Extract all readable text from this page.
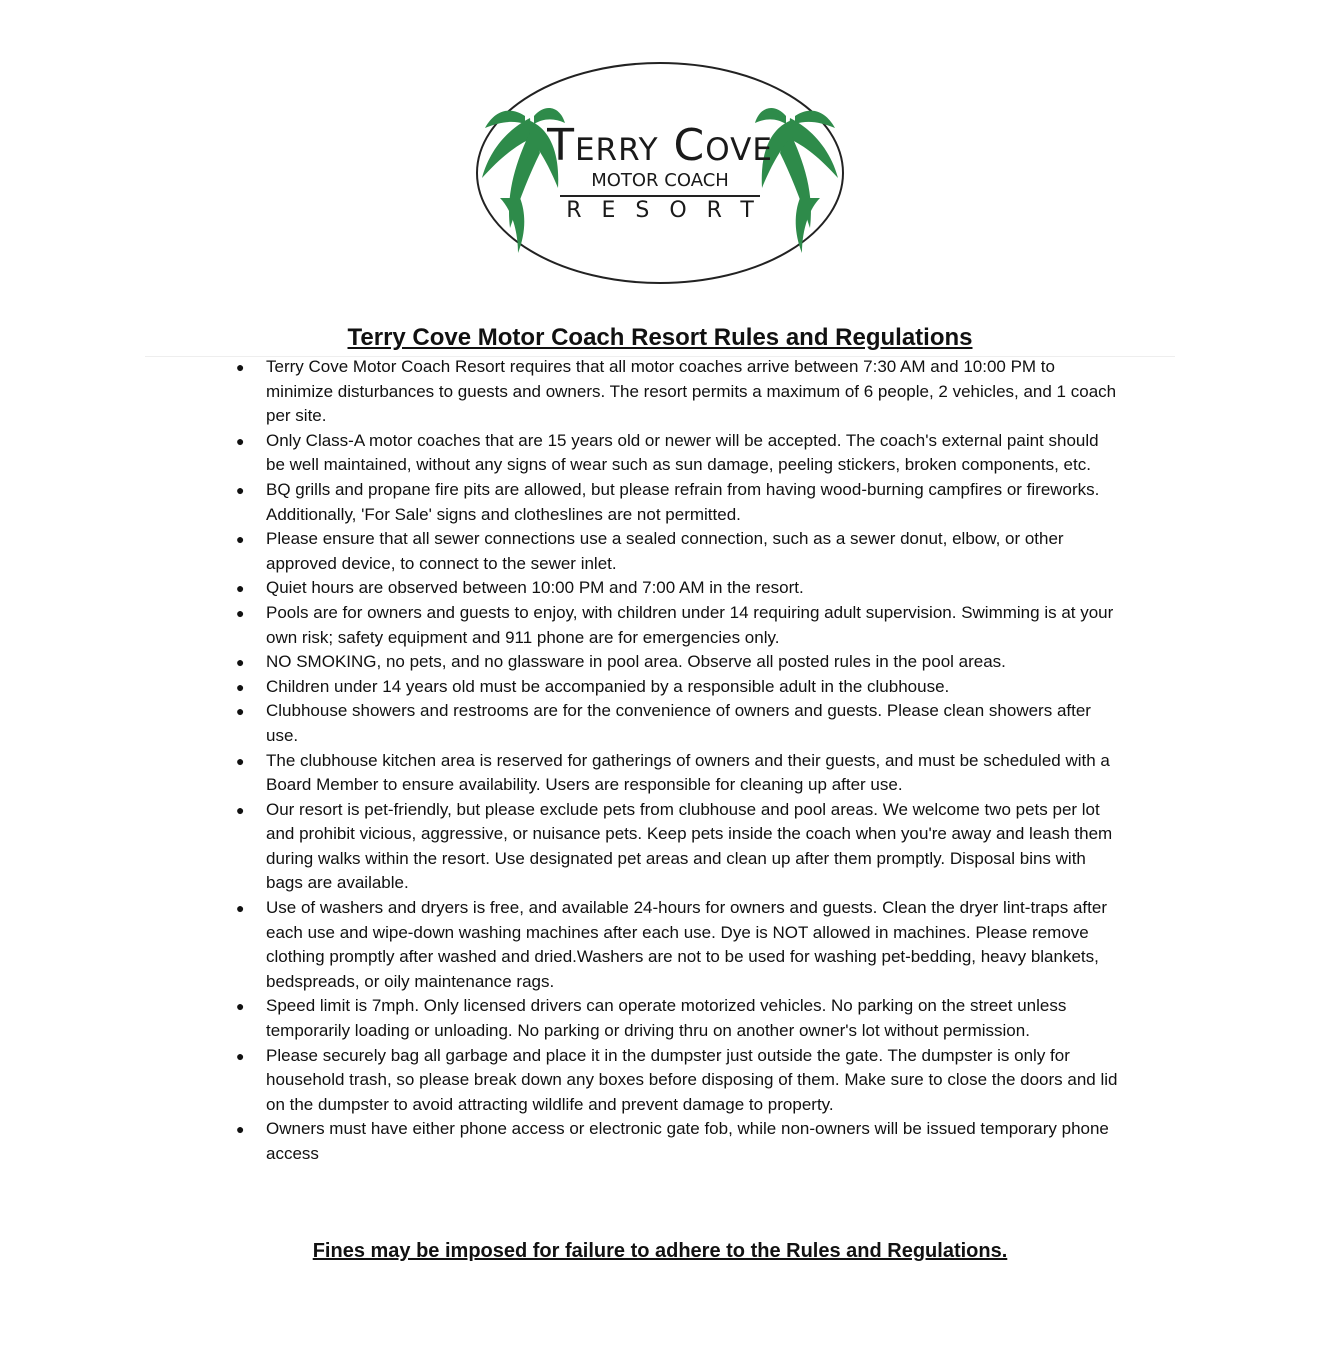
Terry Cove
MOTOR COACH
RESORT
Terry Cove Motor Coach Resort Rules and Regulations
● Terry Cove Motor Coach Resort requires that all motor coaches arrive between 7:30 AM and 10:00 PM to minimize disturbances to guests and owners. The resort permits a maximum of 6 people, 2 vehicles, and 1 coach per site.
● Only Class-A motor coaches that are 15 years old or newer will be accepted. The coach's external paint should be well maintained, without any signs of wear such as sun damage, peeling stickers, broken components, etc.
● BQ grills and propane fire pits are allowed, but please refrain from having wood-burning campfires or fireworks. Additionally, 'For Sale' signs and clotheslines are not permitted.
● Please ensure that all sewer connections use a sealed connection, such as a sewer donut, elbow, or other approved device, to connect to the sewer inlet.
● Quiet hours are observed between 10:00 PM and 7:00 AM in the resort.
● Pools are for owners and guests to enjoy, with children under 14 requiring adult supervision. Swimming is at your own risk; safety equipment and 911 phone are for emergencies only.
● NO SMOKING, no pets, and no glassware in pool area. Observe all posted rules in the pool areas.
● Children under 14 years old must be accompanied by a responsible adult in the clubhouse.
● Clubhouse showers and restrooms are for the convenience of owners and guests. Please clean showers after use.
● The clubhouse kitchen area is reserved for gatherings of owners and their guests, and must be scheduled with a Board Member to ensure availability. Users are responsible for cleaning up after use.
● Our resort is pet-friendly, but please exclude pets from clubhouse and pool areas. We welcome two pets per lot and prohibit vicious, aggressive, or nuisance pets. Keep pets inside the coach when you're away and leash them during walks within the resort. Use designated pet areas and clean up after them promptly. Disposal bins with bags are available.
● Use of washers and dryers is free, and available 24-hours for owners and guests. Clean the dryer lint-traps after each use and wipe-down washing machines after each use. Dye is NOT allowed in machines. Please remove clothing promptly after washed and dried.Washers are not to be used for washing pet-bedding, heavy blankets, bedspreads, or oily maintenance rags.
● Speed limit is 7mph. Only licensed drivers can operate motorized vehicles. No parking on the street unless temporarily loading or unloading. No parking or driving thru on another owner's lot without permission.
● Please securely bag all garbage and place it in the dumpster just outside the gate. The dumpster is only for household trash, so please break down any boxes before disposing of them. Make sure to close the doors and lid on the dumpster to avoid attracting wildlife and prevent damage to property.
● Owners must have either phone access or electronic gate fob, while non-owners will be issued temporary phone access
Fines may be imposed for failure to adhere to the Rules and Regulations.
